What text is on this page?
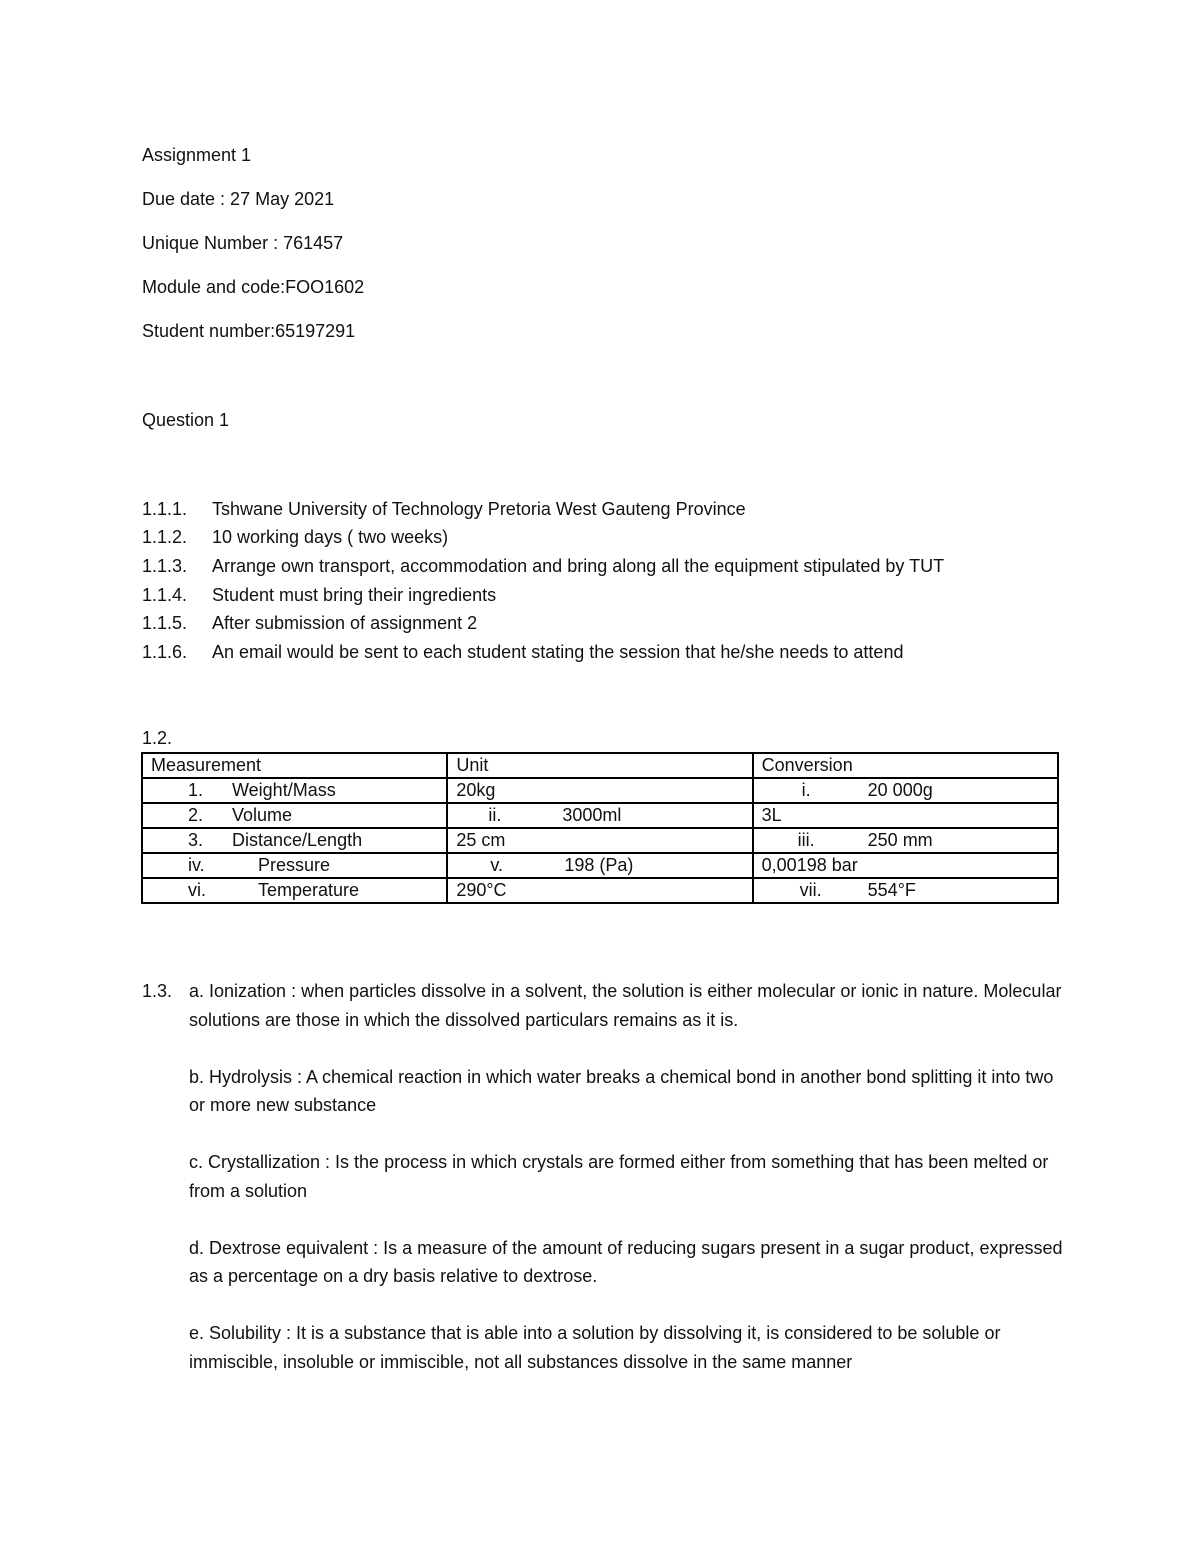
Assignment 1
Due date : 27 May 2021
Unique Number : 761457
Module and code:FOO1602
Student number:65197291
Question 1
1.1.1.	Tshwane University of Technology Pretoria West Gauteng Province
1.1.2.	10 working days ( two weeks)
1.1.3.	Arrange own transport, accommodation and bring along all the equipment stipulated by TUT
1.1.4.	Student must bring their ingredients
1.1.5.	After submission of assignment 2
1.1.6.	An email would be sent to each student stating the session that he/she needs to attend
1.2.
Measurement	Unit	Conversion
1. Weight/Mass	20kg	i. 20 000g
2. Volume	ii. 3000ml	3L
3. Distance/Length	25 cm	iii. 250 mm
iv. Pressure	v. 198 (Pa)	0,00198 bar
vi. Temperature	290°C	vii. 554°F
1.3. a. Ionization : when particles dissolve in a solvent, the solution is either molecular or ionic in nature. Molecular solutions are those in which the dissolved particulars remains as it is.
b. Hydrolysis : A chemical reaction in which water breaks a chemical bond in another bond splitting it into two or more new substance
c. Crystallization : Is the process in which crystals are formed either from something that has been melted or from a solution
d. Dextrose equivalent : Is a measure of the amount of reducing sugars present in a sugar product, expressed as a percentage on a dry basis relative to dextrose.
e. Solubility : It is a substance that is able into a solution by dissolving it, is considered to be soluble or immiscible, insoluble or immiscible, not all substances dissolve in the same manner
